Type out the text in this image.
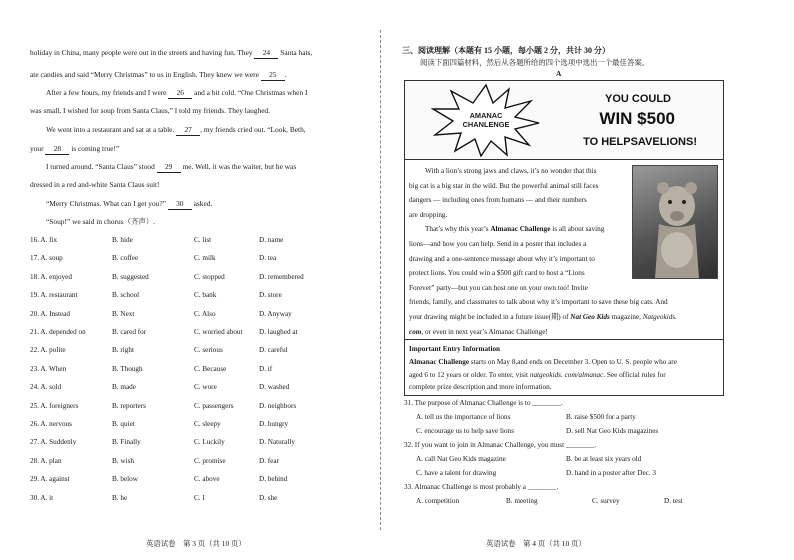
holiday in China, many people were out in the streets and having fun. They 24 Santa hats,
ate candies and said “Merry Christmas” to us in English. They knew we were 25 .
After a few hours, my friends and I were 26 and a bit cold. “One Christmas when I
was small, I wished for soup from Santa Claus,” I told my friends. They laughed.
We went into a restaurant and sat at a table. 27 , my friends cried out. “Look, Beth,
your 28 is coming true!”
I turned around. “Santa Claus” stood 29 me. Well, it was the waiter, but he was
dressed in a red and-white Santa Claus suit!
“Merry Christmas. What can I get you?” 30 asked.
“Soup!” we said in chorus（齐声）.
16. A. fix	B. hide	C. list	D. name
17. A. soup	B. coffee	C. milk	D. tea
18. A. enjoyed	B. suggested	C. stopped	D. remembered
19. A. restaurant	B. school	C. bank	D. store
20. A. Instead	B. Next	C. Also	D. Anyway
21. A. depended on	B. cared for	C. worried about D. laughed at
22. A. polite	B. right	C. serious	D. careful
23. A. When	B. Though	C. Because	D. if
24. A. sold	B. made	C. wore	D. washed
25. A. foreigners	B. reporters	C. passengers	D. neighbors
26. A. nervous	B. quiet	C. sleepy	D. hungry
27. A. Suddenly	B. Finally	C. Luckily	D. Naturally
28. A. plan	B. wish	C. promise	D. fear
29. A. against	B. below	C. above	D. behind
30. A. it	B. he	C. I	D. she
英语试卷　第 3 页（共 10 页）
三、阅读理解（本题有 15 小题，每小题 2 分，共计 30 分）
阅读下面四篇材料，然后从各题所给的四个选项中选出一个最佳答案。
A
AMANAC
CHANLENGE
YOU COULD
WIN $500
TO HELPSAVELIONS!
With a lion’s strong jaws and claws, it’s no wonder that this
big cat is a big star in the wild. But the powerful animal still faces
dangers — including ones from humans — and their numbers
are dropping.
That’s why this year’s Almanac Challenge is all about saving
lions—and how you can help. Send in a poster that includes a
drawing and a one-sentence message about why it’s important to
protect lions. You could win a $500 gift card to host a “Lions
Forever” party—but you can host one on your own too! Invite
friends, family, and classmates to talk about why it’s important to save these big cats. And
your drawing might be included in a future issue(期) of Nat Geo Kids magazine, Natgeokids.
com, or even in next year’s Almanac Challenge!
Important Entry Information
Almanac Challenge starts on May 8,and ends on December 3. Open to U. S. people who are
aged 6 to 12 years or older. To enter, visit natgeokids. com/almanac. See official rules for
complete prize description and more information.
31. The purpose of Almanac Challenge is to ________.
A. tell us the importance of lions	B. raise $500 for a party
C. encourage us to help save lions	D. sell Nat Geo Kids magazines
32. If you want to join in Almanac Challenge, you must ________.
A. call Nat Geo Kids magazine	B. be at least six years old
C. have a talent for drawing	D. hand in a poster after Dec. 3
33. Almanac Challenge is most probably a ________.
A. competition	B. meeting	C. survey	D. test
英语试卷　第 4 页（共 10 页）
